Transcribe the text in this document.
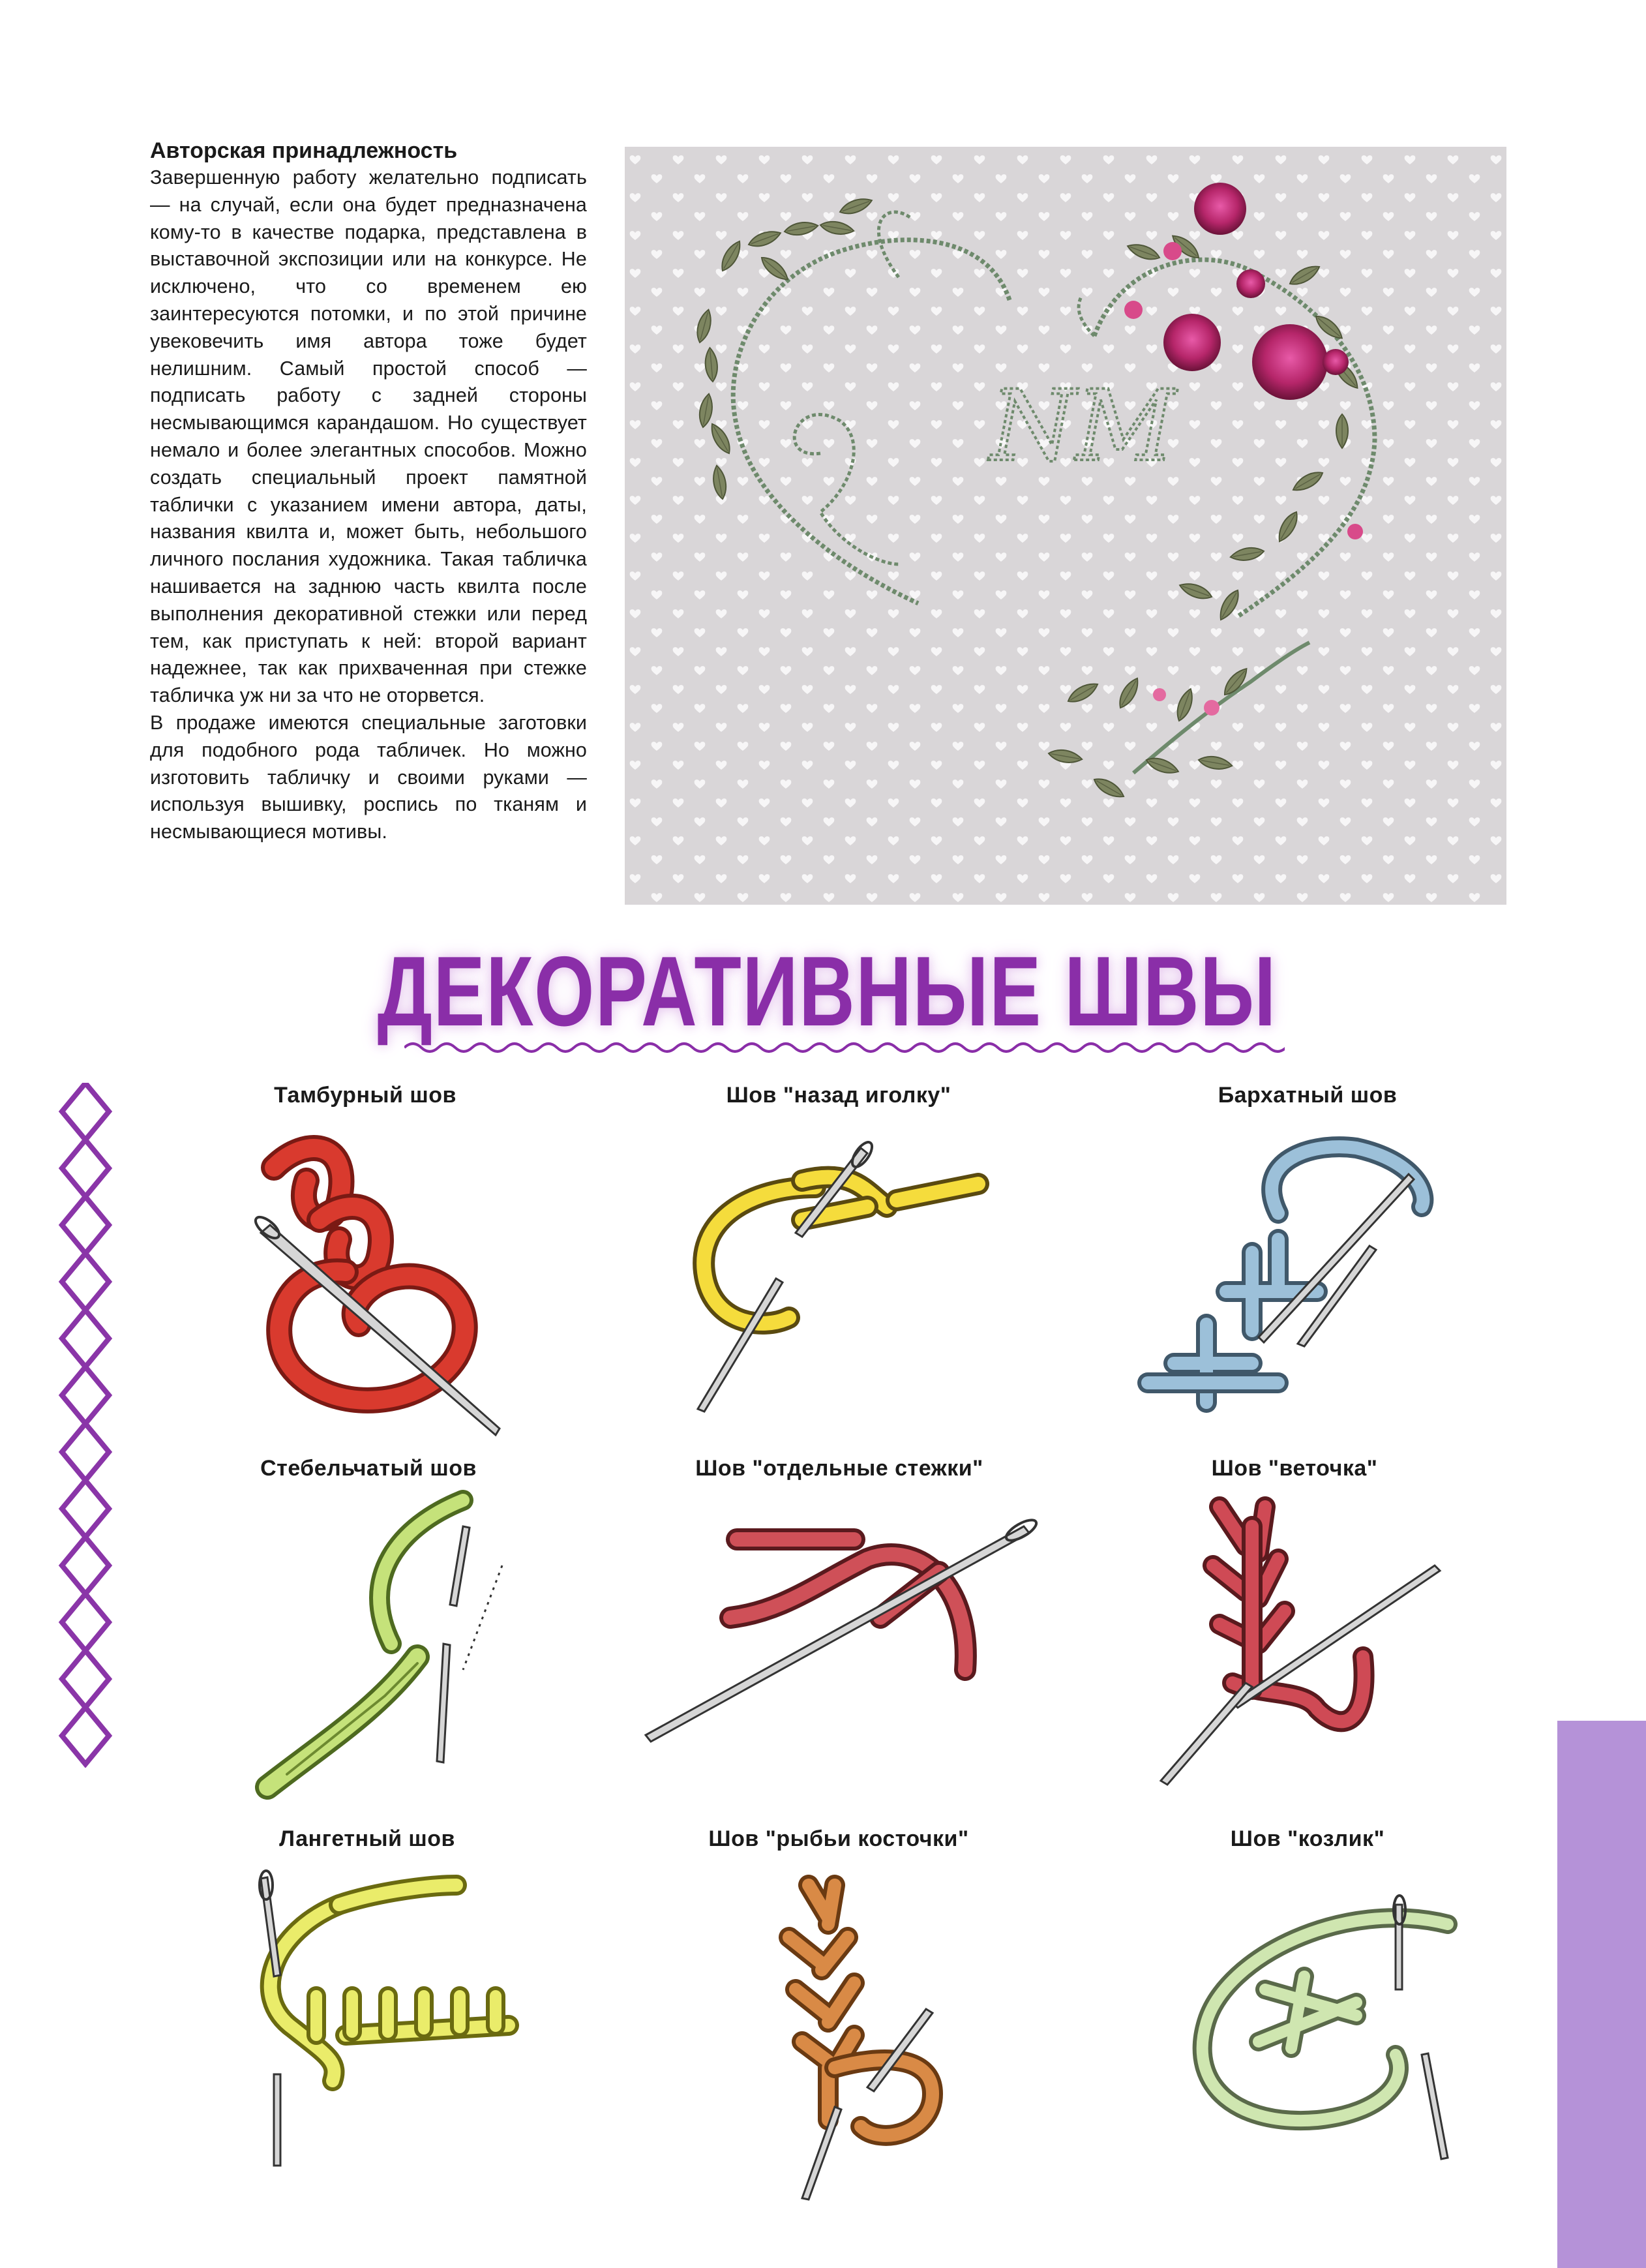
Авторская принадлежность

Завершенную работу желательно подписать — на случай, если она будет предназначена кому-то в качестве подарка, представлена в выставочной экспозиции или на конкурсе. Не исключено, что со временем ею заинтересуются потомки, и по этой причине увековечить имя автора тоже будет нелишним. Самый простой способ — подписать работу с задней стороны несмывающимся карандашом. Но существует немало и более элегантных способов. Можно создать специальный проект памятной таблички с указанием имени автора, даты, названия квилта и, может быть, небольшого личного послания художника. Такая табличка нашивается на заднюю часть квилта после выполнения декоративной стежки или перед тем, как приступать к ней: второй вариант надежнее, так как прихваченная при стежке табличка уж ни за что не оторвется.

В продаже имеются специальные заготовки для подобного рода табличек. Но можно изготовить табличку и своими руками — используя вышивку, роспись по тканям и несмывающиеся мотивы.

NM
ДЕКОРАТИВНЫЕ ШВЫ
Тамбурный шов	Шов "назад иголку"	Бархатный шов
Стебельчатый шов	Шов "отдельные стежки"	Шов "веточка"
Лангетный шов	Шов "рыбьи косточки"	Шов "козлик"
